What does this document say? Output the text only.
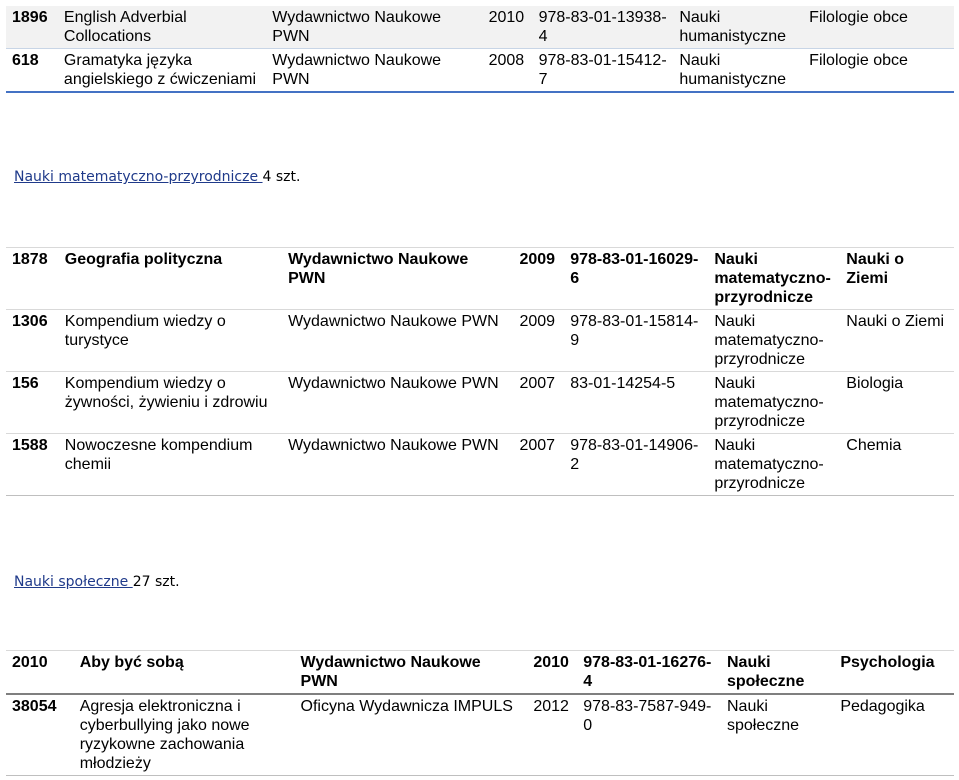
1896	English Adverbial Collocations	Wydawnictwo Naukowe PWN	2010	978-83-01-13938-4	Nauki humanistyczne	Filologie obce
618	Gramatyka języka angielskiego z ćwiczeniami	Wydawnictwo Naukowe PWN	2008	978-83-01-15412-7	Nauki humanistyczne	Filologie obce
Nauki matematyczno-przyrodnicze 4 szt.
1878	Geografia polityczna	Wydawnictwo Naukowe PWN	2009	978-83-01-16029-6	Nauki matematyczno-przyrodnicze	Nauki o Ziemi
1306	Kompendium wiedzy o turystyce	Wydawnictwo Naukowe PWN	2009	978-83-01-15814-9	Nauki matematyczno-przyrodnicze	Nauki o Ziemi
156	Kompendium wiedzy o żywności, żywieniu i zdrowiu	Wydawnictwo Naukowe PWN	2007	83-01-14254-5	Nauki matematyczno-przyrodnicze	Biologia
1588	Nowoczesne kompendium chemii	Wydawnictwo Naukowe PWN	2007	978-83-01-14906-2	Nauki matematyczno-przyrodnicze	Chemia
Nauki społeczne 27 szt.
2010	Aby być sobą	Wydawnictwo Naukowe PWN	2010	978-83-01-16276-4	Nauki społeczne	Psychologia
38054	Agresja elektroniczna i cyberbullying jako nowe ryzykowne zachowania młodzieży	Oficyna Wydawnicza IMPULS	2012	978-83-7587-949-0	Nauki społeczne	Pedagogika
